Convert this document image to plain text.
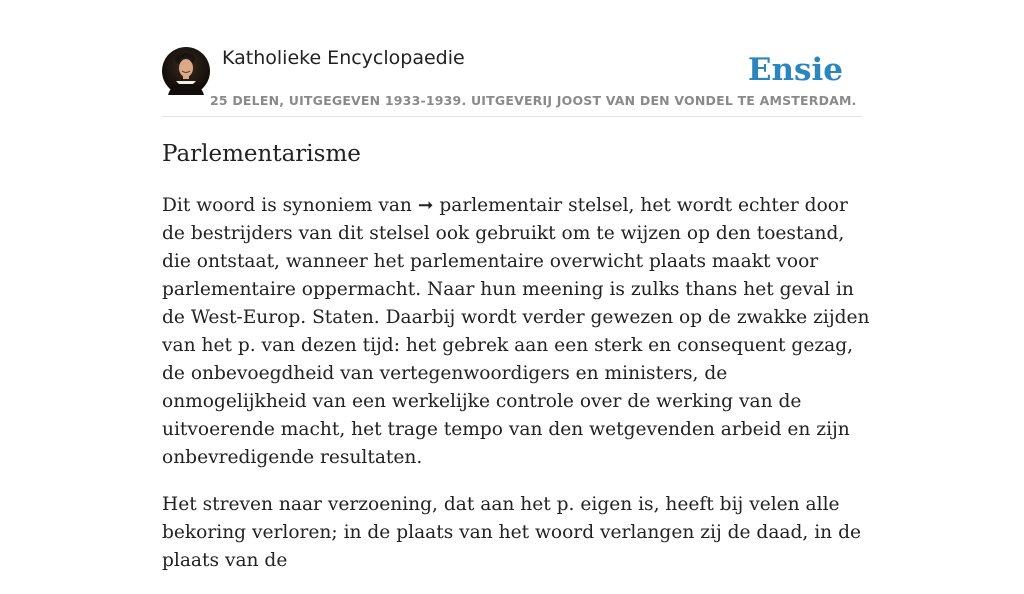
Katholieke Encyclopaedie
25 DELEN, UITGEGEVEN 1933-1939. UITGEVERIJ JOOST VAN DEN VONDEL TE AMSTERDAM.
Ensie
Parlementarisme

Dit woord is synoniem van ➞ parlementair stelsel, het wordt echter door de bestrijders van dit stelsel ook gebruikt om te wijzen op den toestand, die ontstaat, wanneer het parlementaire overwicht plaats maakt voor parlementaire oppermacht. Naar hun meening is zulks thans het geval in de West-Europ. Staten. Daarbij wordt verder gewezen op de zwakke zijden van het p. van dezen tijd: het gebrek aan een sterk en consequent gezag, de onbevoegdheid van vertegenwoordigers en ministers, de onmogelijkheid van een werkelijke controle over de werking van de uitvoerende macht, het trage tempo van den wetgevenden arbeid en zijn onbevredigende resultaten.

Het streven naar verzoening, dat aan het p. eigen is, heeft bij velen alle bekoring verloren; in de plaats van het woord verlangen zij de daad, in de plaats van de
